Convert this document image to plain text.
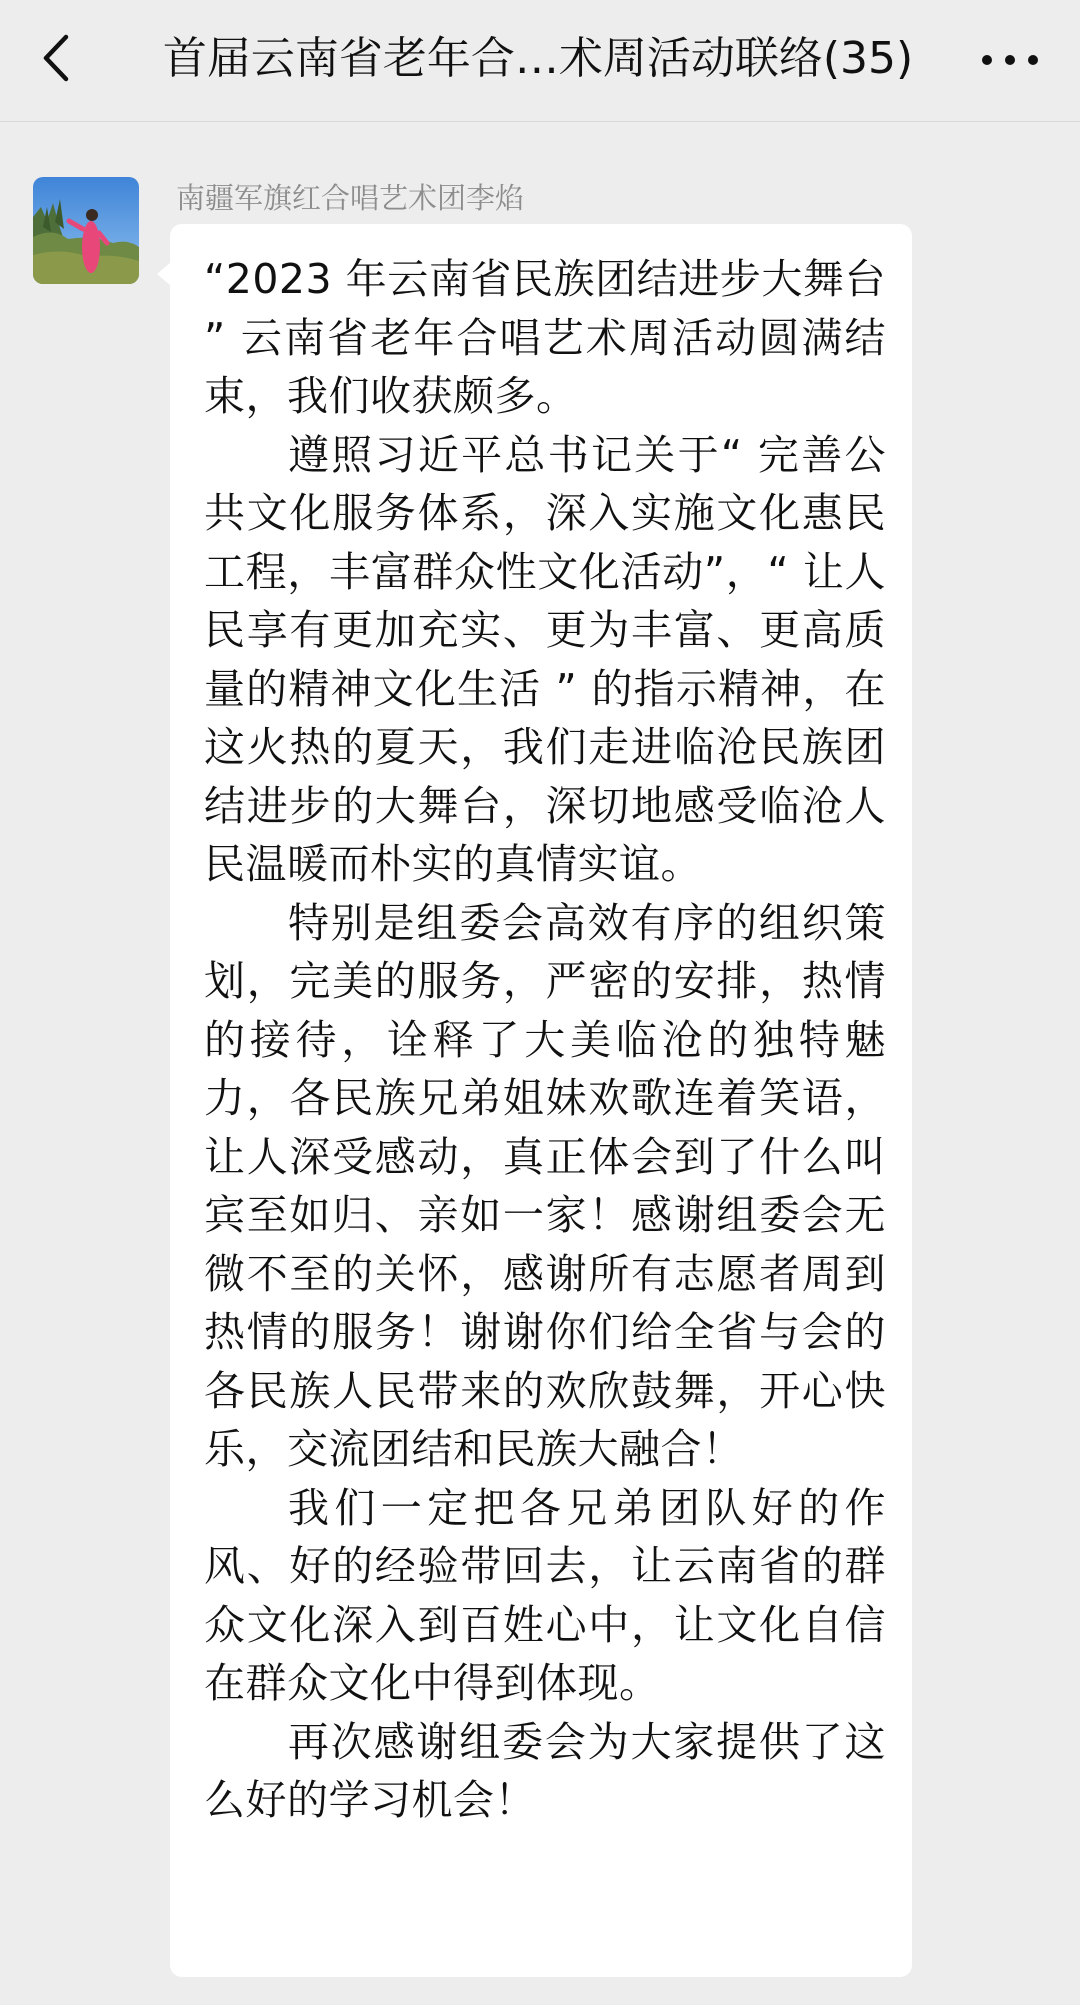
首届云南省老年合…术周活动联络(35)
南疆军旗红合唱艺术团李焰

“2023 年云南省民族团结进步大舞台 ” 云南省老年合唱艺术周活动圆满结束，我们收获颇多。

遵照习近平总书记关于“ 完善公共文化服务体系，深入实施文化惠民工程，丰富群众性文化活动”，“ 让人民享有更加充实、更为丰富、更高质量的精神文化生活 ” 的指示精神，在这火热的夏天，我们走进临沧民族团结进步的大舞台，深切地感受临沧人民温暖而朴实的真情实谊。

特别是组委会高效有序的组织策划，完美的服务，严密的安排，热情的接待，诠释了大美临沧的独特魅力，各民族兄弟姐妹欢歌连着笑语，让人深受感动，真正体会到了什么叫宾至如归、亲如一家！感谢组委会无微不至的关怀，感谢所有志愿者周到热情的服务！谢谢你们给全省与会的各民族人民带来的欢欣鼓舞，开心快乐，交流团结和民族大融合！

我们一定把各兄弟团队好的作风、好的经验带回去，让云南省的群众文化深入到百姓心中，让文化自信在群众文化中得到体现。

再次感谢组委会为大家提供了这么好的学习机会！
